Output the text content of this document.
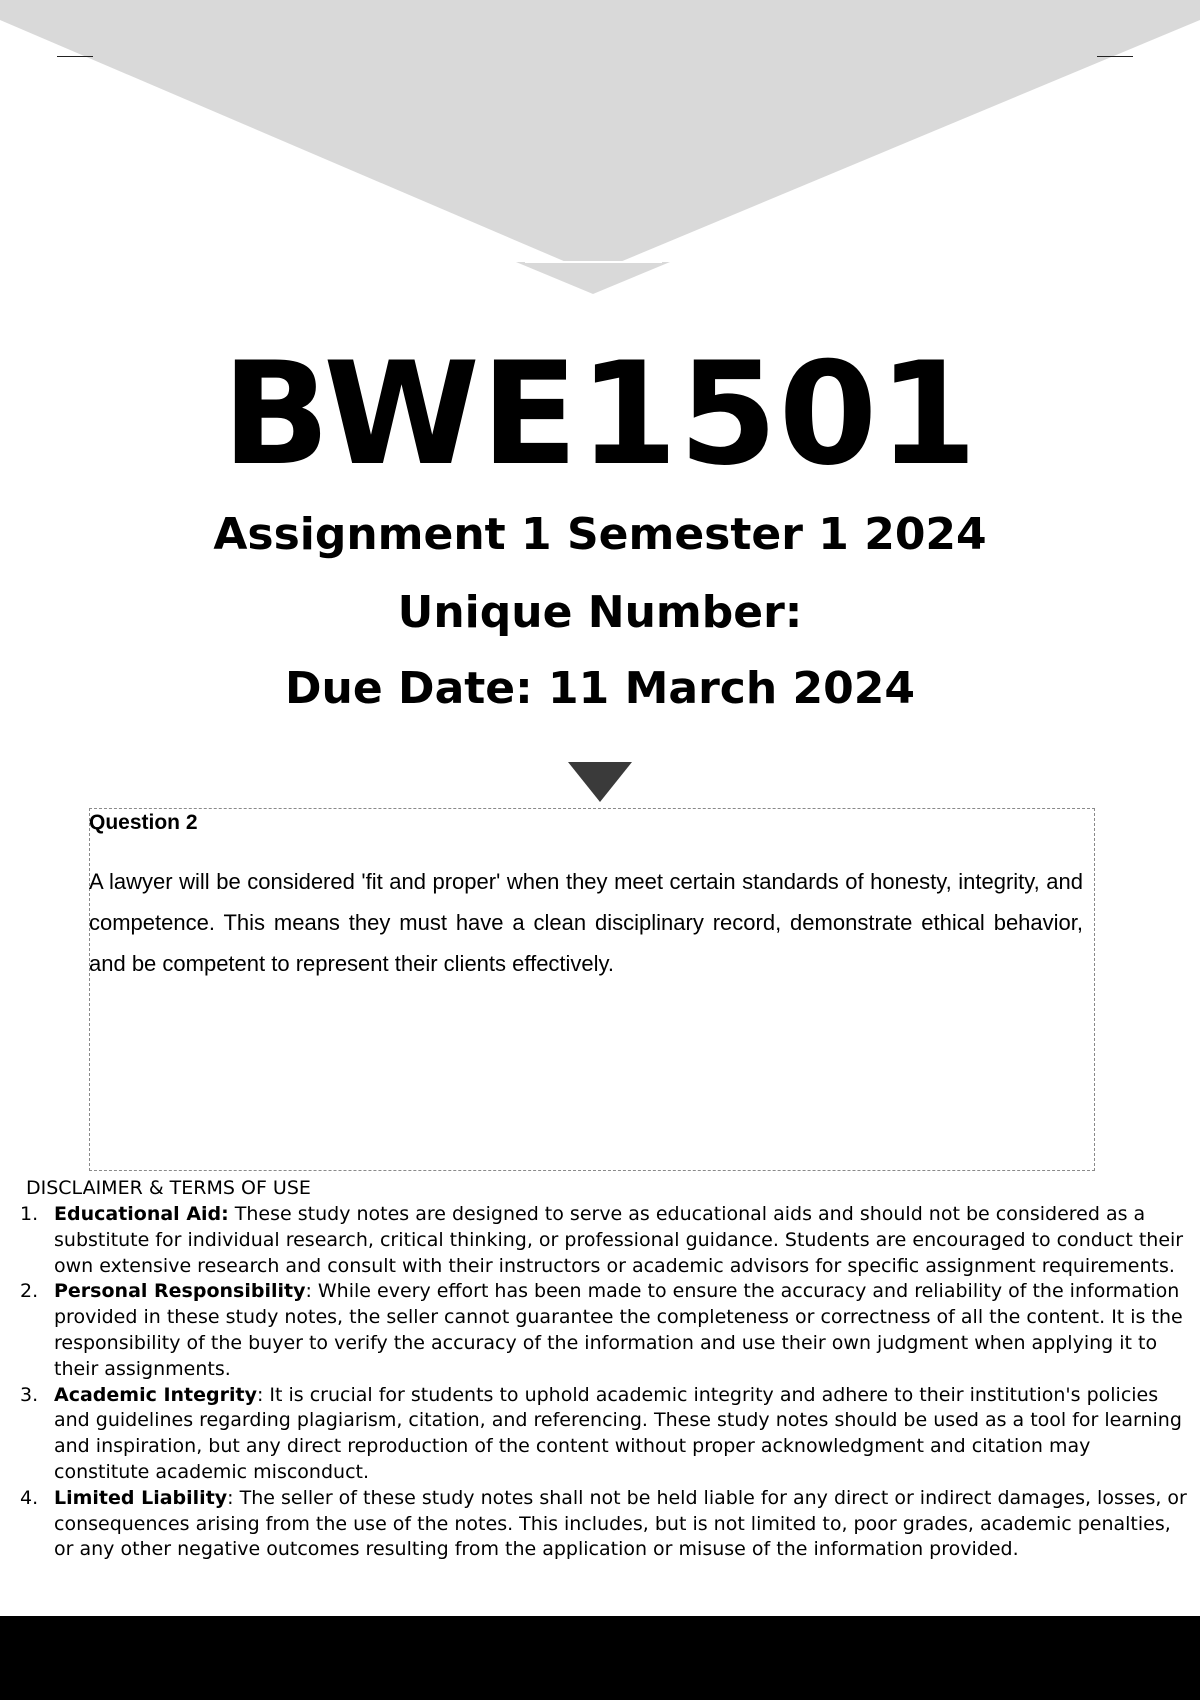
BWE1501
Assignment 1 Semester 1 2024
Unique Number:
Due Date: 11 March 2024
Question 2
A lawyer will be considered 'fit and proper' when they meet certain standards of honesty, integrity, and competence. This means they must have a clean disciplinary record, demonstrate ethical behavior, and be competent to represent their clients effectively.
DISCLAIMER & TERMS OF USE
1. Educational Aid: These study notes are designed to serve as educational aids and should not be considered as a substitute for individual research, critical thinking, or professional guidance. Students are encouraged to conduct their own extensive research and consult with their instructors or academic advisors for specific assignment requirements.
2. Personal Responsibility: While every effort has been made to ensure the accuracy and reliability of the information provided in these study notes, the seller cannot guarantee the completeness or correctness of all the content. It is the responsibility of the buyer to verify the accuracy of the information and use their own judgment when applying it to their assignments.
3. Academic Integrity: It is crucial for students to uphold academic integrity and adhere to their institution's policies and guidelines regarding plagiarism, citation, and referencing. These study notes should be used as a tool for learning and inspiration, but any direct reproduction of the content without proper acknowledgment and citation may constitute academic misconduct.
4. Limited Liability: The seller of these study notes shall not be held liable for any direct or indirect damages, losses, or consequences arising from the use of the notes. This includes, but is not limited to, poor grades, academic penalties, or any other negative outcomes resulting from the application or misuse of the information provided.
